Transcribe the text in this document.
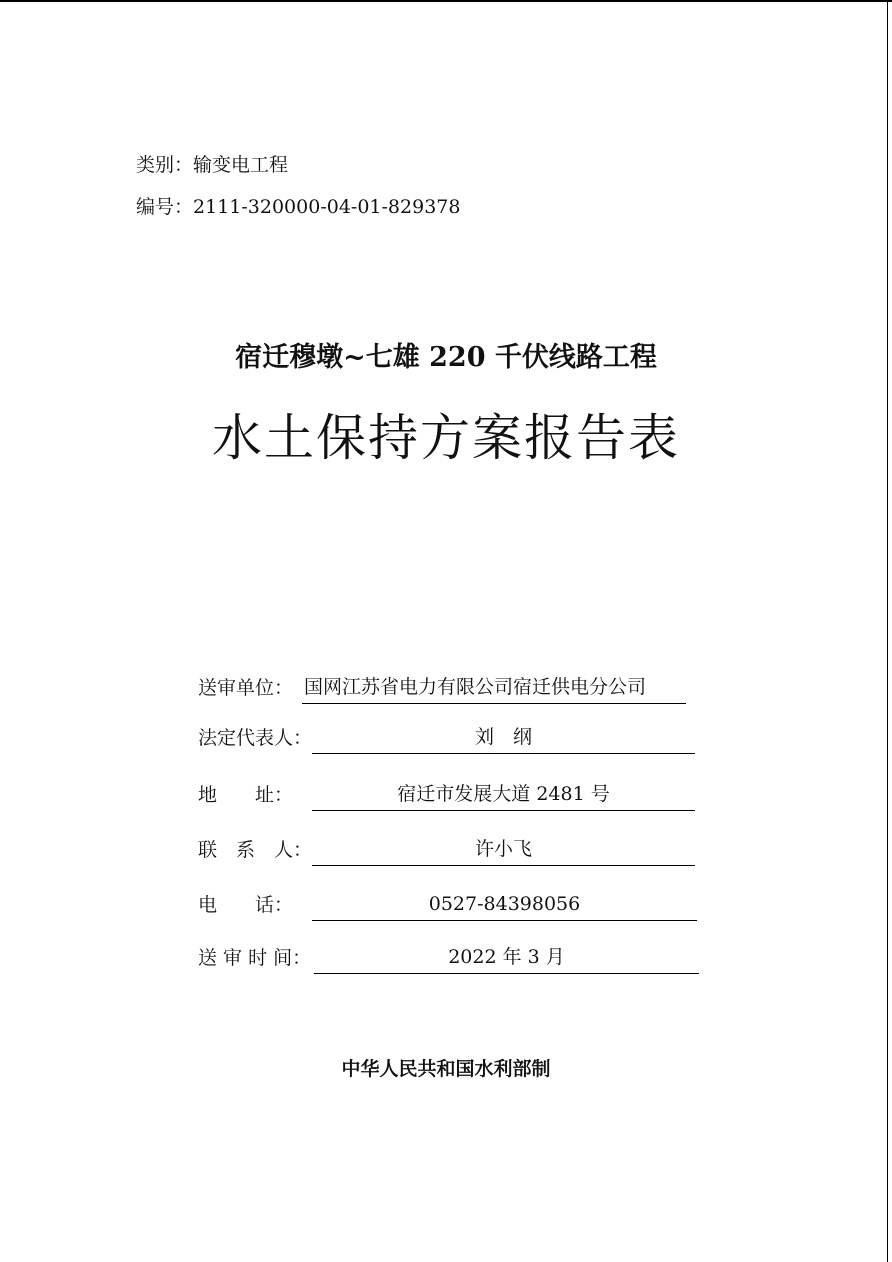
类别：输变电工程
编号：2111-320000-04-01-829378
宿迁穆墩~七雄 220 千伏线路工程
水土保持方案报告表
送审单位： 国网江苏省电力有限公司宿迁供电分公司
法定代表人：	刘　纲
地　　址：	宿迁市发展大道 2481 号
联　系　人：	许小飞
电　　话：	0527-84398056
送 审 时 间：	2022 年 3 月
中华人民共和国水利部制
